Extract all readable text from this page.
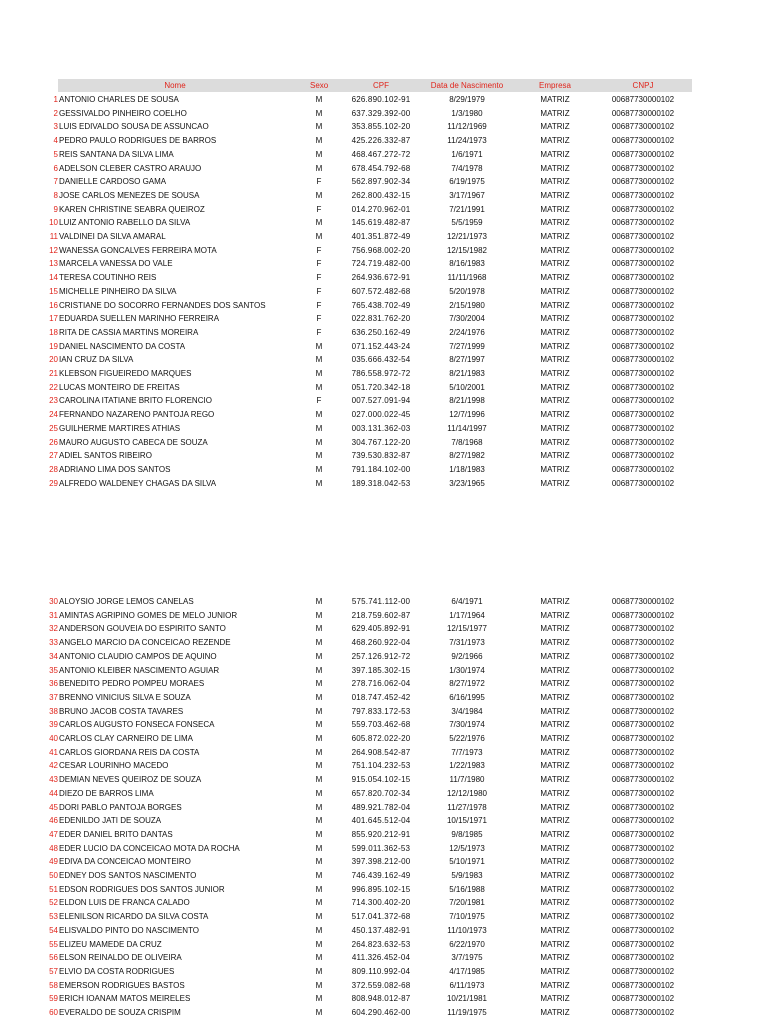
Nome	Sexo	CPF	Data de Nascimento	Empresa	CNPJ
1 ANTONIO CHARLES DE SOUSA	M	626.890.102-91	8/29/1979	MATRIZ	00687730000102
2 GESSIVALDO PINHEIRO COELHO	M	637.329.392-00	1/3/1980	MATRIZ	00687730000102
3 LUIS EDIVALDO SOUSA DE ASSUNCAO	M	353.855.102-20	11/12/1969	MATRIZ	00687730000102
4 PEDRO PAULO RODRIGUES DE BARROS	M	425.226.332-87	11/24/1973	MATRIZ	00687730000102
5 REIS SANTANA DA SILVA LIMA	M	468.467.272-72	1/6/1971	MATRIZ	00687730000102
6 ADELSON CLEBER CASTRO ARAUJO	M	678.454.792-68	7/4/1978	MATRIZ	00687730000102
7 DANIELLE CARDOSO GAMA	F	562.897.902-34	6/19/1975	MATRIZ	00687730000102
8 JOSE CARLOS MENEZES DE SOUSA	M	262.800.432-15	3/17/1967	MATRIZ	00687730000102
9 KAREN CHRISTINE SEABRA QUEIROZ	F	014.270.962-01	7/21/1991	MATRIZ	00687730000102
10 LUIZ ANTONIO RABELLO DA SILVA	M	145.619.482-87	5/5/1959	MATRIZ	00687730000102
11 VALDINEI DA SILVA AMARAL	M	401.351.872-49	12/21/1973	MATRIZ	00687730000102
12 WANESSA GONCALVES FERREIRA MOTA	F	756.968.002-20	12/15/1982	MATRIZ	00687730000102
13 MARCELA VANESSA DO VALE	F	724.719.482-00	8/16/1983	MATRIZ	00687730000102
14 TERESA COUTINHO REIS	F	264.936.672-91	11/11/1968	MATRIZ	00687730000102
15 MICHELLE PINHEIRO DA SILVA	F	607.572.482-68	5/20/1978	MATRIZ	00687730000102
16 CRISTIANE DO SOCORRO FERNANDES DOS SANTOS	F	765.438.702-49	2/15/1980	MATRIZ	00687730000102
17 EDUARDA SUELLEN MARINHO FERREIRA	F	022.831.762-20	7/30/2004	MATRIZ	00687730000102
18 RITA DE CASSIA MARTINS MOREIRA	F	636.250.162-49	2/24/1976	MATRIZ	00687730000102
19 DANIEL NASCIMENTO DA COSTA	M	071.152.443-24	7/27/1999	MATRIZ	00687730000102
20 IAN CRUZ DA SILVA	M	035.666.432-54	8/27/1997	MATRIZ	00687730000102
21 KLEBSON FIGUEIREDO MARQUES	M	786.558.972-72	8/21/1983	MATRIZ	00687730000102
22 LUCAS MONTEIRO DE FREITAS	M	051.720.342-18	5/10/2001	MATRIZ	00687730000102
23 CAROLINA ITATIANE BRITO FLORENCIO	F	007.527.091-94	8/21/1998	MATRIZ	00687730000102
24 FERNANDO NAZARENO PANTOJA REGO	M	027.000.022-45	12/7/1996	MATRIZ	00687730000102
25 GUILHERME MARTIRES ATHIAS	M	003.131.362-03	11/14/1997	MATRIZ	00687730000102
26 MAURO AUGUSTO CABECA DE SOUZA	M	304.767.122-20	7/8/1968	MATRIZ	00687730000102
27 ADIEL SANTOS RIBEIRO	M	739.530.832-87	8/27/1982	MATRIZ	00687730000102
28 ADRIANO LIMA DOS SANTOS	M	791.184.102-00	1/18/1983	MATRIZ	00687730000102
29 ALFREDO WALDENEY CHAGAS DA SILVA	M	189.318.042-53	3/23/1965	MATRIZ	00687730000102
30 ALOYSIO JORGE LEMOS CANELAS	M	575.741.112-00	6/4/1971	MATRIZ	00687730000102
31 AMINTAS AGRIPINO GOMES DE MELO JUNIOR	M	218.759.602-87	1/17/1964	MATRIZ	00687730000102
32 ANDERSON GOUVEIA DO ESPIRITO SANTO	M	629.405.892-91	12/15/1977	MATRIZ	00687730000102
33 ANGELO MARCIO DA CONCEICAO REZENDE	M	468.260.922-04	7/31/1973	MATRIZ	00687730000102
34 ANTONIO CLAUDIO CAMPOS DE AQUINO	M	257.126.912-72	9/2/1966	MATRIZ	00687730000102
35 ANTONIO KLEIBER NASCIMENTO AGUIAR	M	397.185.302-15	1/30/1974	MATRIZ	00687730000102
36 BENEDITO PEDRO POMPEU MORAES	M	278.716.062-04	8/27/1972	MATRIZ	00687730000102
37 BRENNO VINICIUS SILVA E SOUZA	M	018.747.452-42	6/16/1995	MATRIZ	00687730000102
38 BRUNO JACOB COSTA TAVARES	M	797.833.172-53	3/4/1984	MATRIZ	00687730000102
39 CARLOS AUGUSTO FONSECA FONSECA	M	559.703.462-68	7/30/1974	MATRIZ	00687730000102
40 CARLOS CLAY CARNEIRO DE LIMA	M	605.872.022-20	5/22/1976	MATRIZ	00687730000102
41 CARLOS GIORDANA REIS DA COSTA	M	264.908.542-87	7/7/1973	MATRIZ	00687730000102
42 CESAR LOURINHO MACEDO	M	751.104.232-53	1/22/1983	MATRIZ	00687730000102
43 DEMIAN NEVES QUEIROZ DE SOUZA	M	915.054.102-15	11/7/1980	MATRIZ	00687730000102
44 DIEZO DE BARROS LIMA	M	657.820.702-34	12/12/1980	MATRIZ	00687730000102
45 DORI PABLO PANTOJA BORGES	M	489.921.782-04	11/27/1978	MATRIZ	00687730000102
46 EDENILDO JATI DE SOUZA	M	401.645.512-04	10/15/1971	MATRIZ	00687730000102
47 EDER DANIEL BRITO DANTAS	M	855.920.212-91	9/8/1985	MATRIZ	00687730000102
48 EDER LUCIO DA CONCEICAO MOTA DA ROCHA	M	599.011.362-53	12/5/1973	MATRIZ	00687730000102
49 EDIVA DA CONCEICAO MONTEIRO	M	397.398.212-00	5/10/1971	MATRIZ	00687730000102
50 EDNEY DOS SANTOS NASCIMENTO	M	746.439.162-49	5/9/1983	MATRIZ	00687730000102
51 EDSON RODRIGUES DOS SANTOS JUNIOR	M	996.895.102-15	5/16/1988	MATRIZ	00687730000102
52 ELDON LUIS DE FRANCA CALADO	M	714.300.402-20	7/20/1981	MATRIZ	00687730000102
53 ELENILSON RICARDO DA SILVA COSTA	M	517.041.372-68	7/10/1975	MATRIZ	00687730000102
54 ELISVALDO PINTO DO NASCIMENTO	M	450.137.482-91	11/10/1973	MATRIZ	00687730000102
55 ELIZEU MAMEDE DA CRUZ	M	264.823.632-53	6/22/1970	MATRIZ	00687730000102
56 ELSON REINALDO DE OLIVEIRA	M	411.326.452-04	3/7/1975	MATRIZ	00687730000102
57 ELVIO DA COSTA RODRIGUES	M	809.110.992-04	4/17/1985	MATRIZ	00687730000102
58 EMERSON RODRIGUES BASTOS	M	372.559.082-68	6/11/1973	MATRIZ	00687730000102
59 ERICH IOANAM MATOS MEIRELES	M	808.948.012-87	10/21/1981	MATRIZ	00687730000102
60 EVERALDO DE SOUZA CRISPIM	M	604.290.462-00	11/19/1975	MATRIZ	00687730000102
